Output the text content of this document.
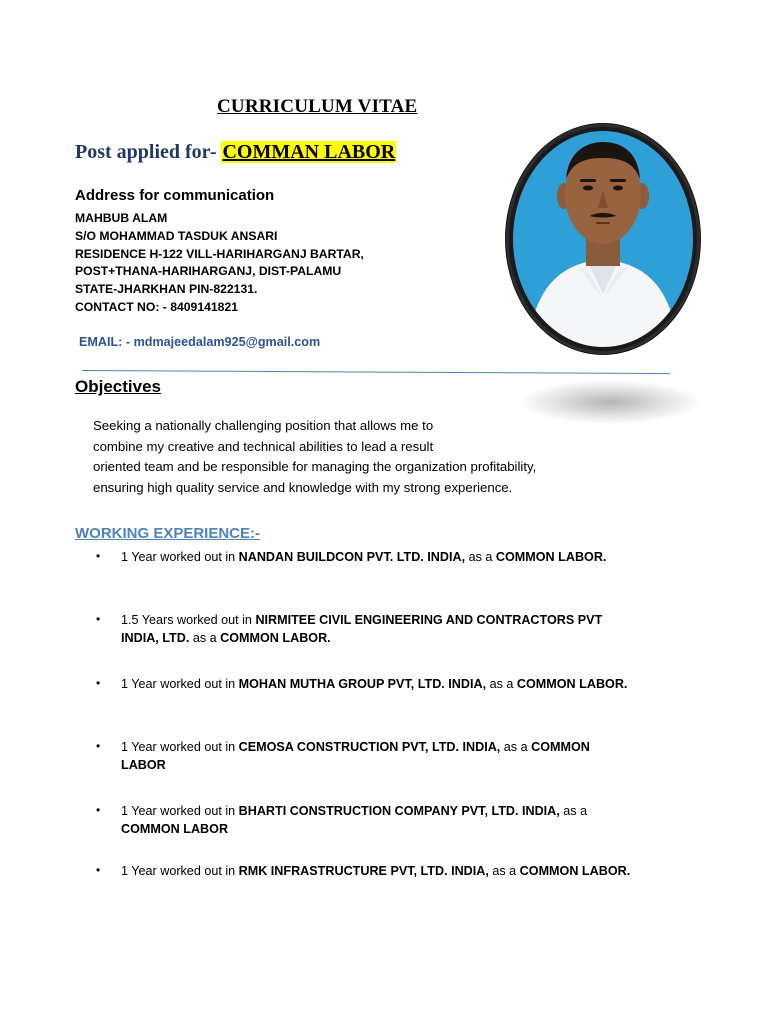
CURRICULUM VITAE
Post applied for- COMMAN LABOR
Address for communication
MAHBUB ALAM
S/O MOHAMMAD TASDUK ANSARI
RESIDENCE H-122 VILL-HARIHARGANJ BARTAR,
POST+THANA-HARIHARGANJ, DIST-PALAMU
STATE-JHARKHAN PIN-822131.
CONTACT NO: - 8409141821
EMAIL: - mdmajeedalam925@gmail.com
Objectives
Seeking a nationally challenging position that allows me to
combine my creative and technical abilities to lead a result
oriented team and be responsible for managing the organization profitability,
ensuring high quality service and knowledge with my strong experience.
WORKING EXPERIENCE:-
• 1 Year worked out in NANDAN BUILDCON PVT. LTD. INDIA, as a COMMON LABOR.
• 1.5 Years worked out in NIRMITEE CIVIL ENGINEERING AND CONTRACTORS PVT INDIA, LTD. as a COMMON LABOR.
• 1 Year worked out in MOHAN MUTHA GROUP PVT, LTD. INDIA, as a COMMON LABOR.
• 1 Year worked out in CEMOSA CONSTRUCTION PVT, LTD. INDIA, as a COMMON LABOR
• 1 Year worked out in BHARTI CONSTRUCTION COMPANY PVT, LTD. INDIA, as a COMMON LABOR
• 1 Year worked out in RMK INFRASTRUCTURE PVT, LTD. INDIA, as a COMMON LABOR.
